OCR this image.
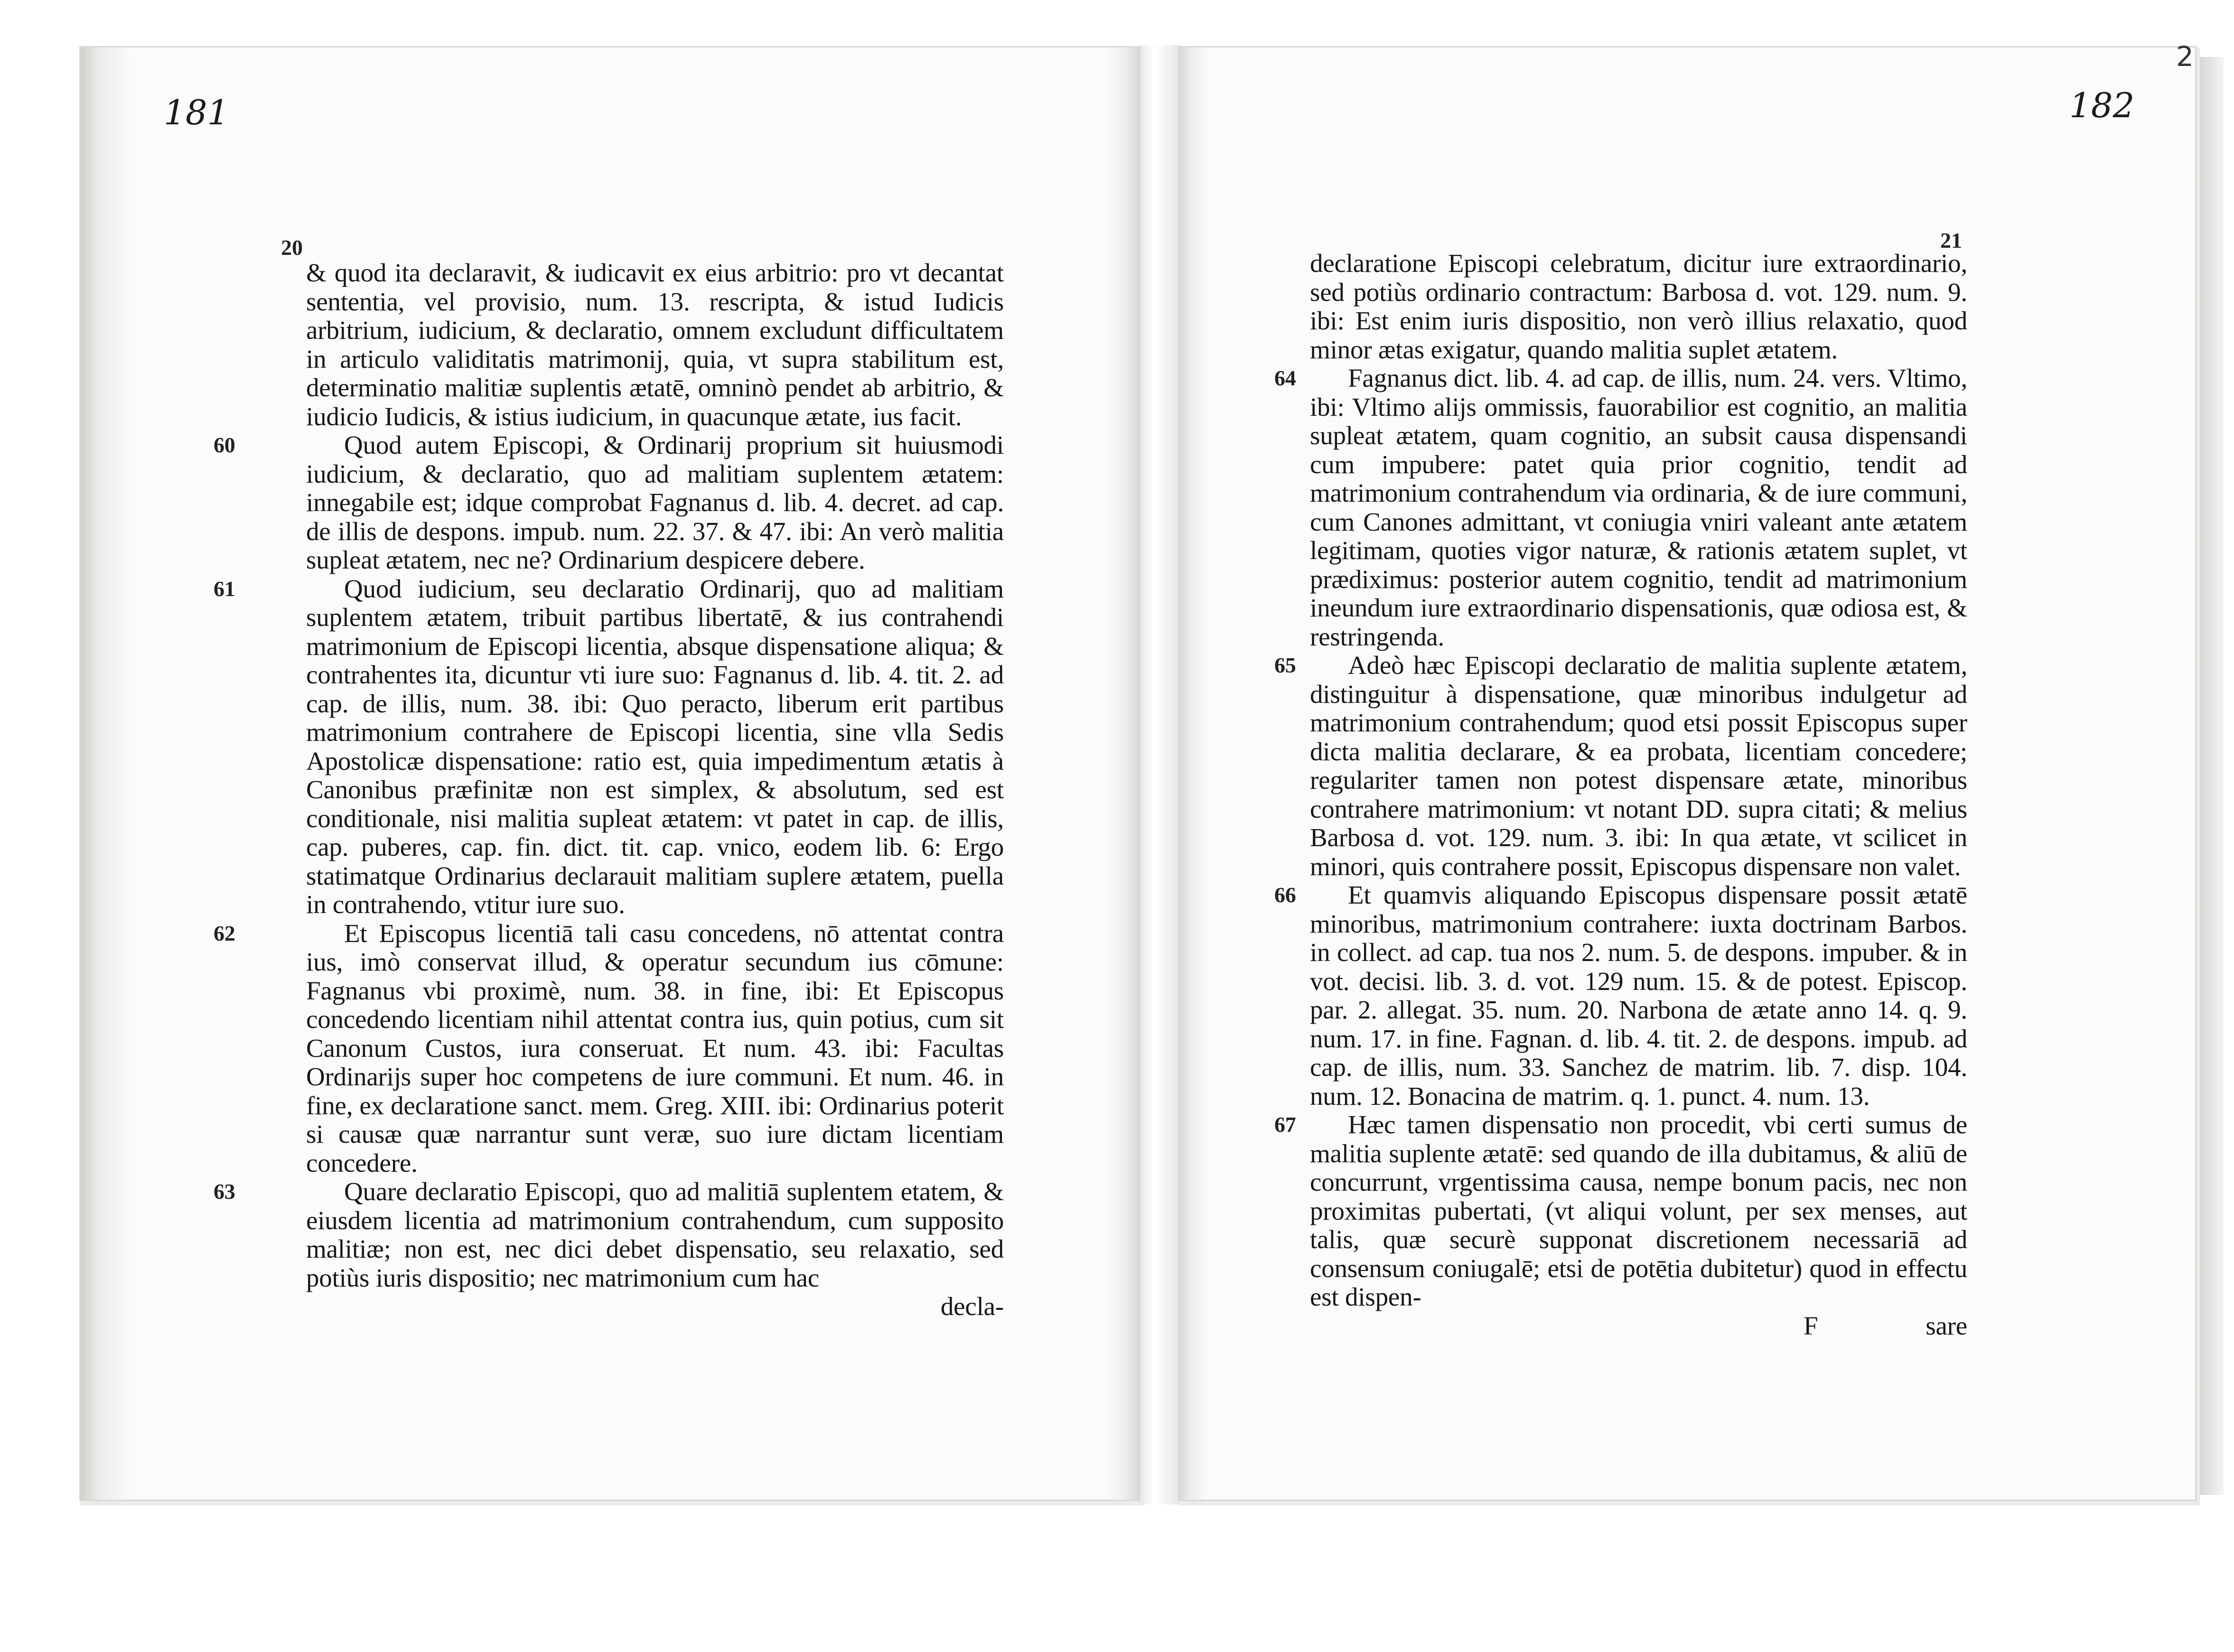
181
20

& quod ita declaravit, & iudicavit ex eius arbitrio: pro vt decantat sententia, vel provisio, num. 13. rescripta, & istud Iudicis arbitrium, iudicium, & declaratio, omnem excludunt difficultatem in articulo validitatis matrimonij, quia, vt supra stabilitum est, determinatio malitiæ suplentis ætatē, omninò pendet ab arbitrio, & iudicio Iudicis, & istius iudicium, in quacunque ætate, ius facit.

60	Quod autem Episcopi, & Ordinarij proprium sit huiusmodi iudicium, & declaratio, quo ad malitiam suplentem ætatem: innegabile est; idque comprobat Fagnanus d. lib. 4. decret. ad cap. de illis de despons. impub. num. 22. 37. & 47. ibi: An verò malitia supleat ætatem, nec ne? Ordinarium despicere debere.

61	Quod iudicium, seu declaratio Ordinarij, quo ad malitiam suplentem ætatem, tribuit partibus libertatē, & ius contrahendi matrimonium de Episcopi licentia, absque dispensatione aliqua; & contrahentes ita, dicuntur vti iure suo: Fagnanus d. lib. 4. tit. 2. ad cap. de illis, num. 38. ibi: Quo peracto, liberum erit partibus matrimonium contrahere de Episcopi licentia, sine vlla Sedis Apostolicæ dispensatione: ratio est, quia impedimentum ætatis à Canonibus præfinitæ non est simplex, & absolutum, sed est conditionale, nisi malitia supleat ætatem: vt patet in cap. de illis, cap. puberes, cap. fin. dict. tit. cap. vnico, eodem lib. 6: Ergo statimatque Ordinarius declarauit malitiam suplere ætatem, puella in contrahendo, vtitur iure suo.

62	Et Episcopus licentiā tali casu concedens, nō attentat contra ius, imò conservat illud, & operatur secundum ius cōmune: Fagnanus vbi proximè, num. 38. in fine, ibi: Et Episcopus concedendo licentiam nihil attentat contra ius, quin potius, cum sit Canonum Custos, iura conseruat. Et num. 43. ibi: Facultas Ordinarijs super hoc competens de iure communi. Et num. 46. in fine, ex declaratione sanct. mem. Greg. XIII. ibi: Ordinarius poterit si causæ quæ narrantur sunt veræ, suo iure dictam licentiam concedere.

63	Quare declaratio Episcopi, quo ad malitiā suplentem etatem, & eiusdem licentia ad matrimonium contrahendum, cum supposito malitiæ; non est, nec dici debet dispensatio, seu relaxatio, sed potiùs iuris dispositio; nec matrimonium cum hac

decla-

182
2
21

declaratione Episcopi celebratum, dicitur iure extraordinario, sed potiùs ordinario contractum: Barbosa d. vot. 129. num. 9. ibi: Est enim iuris dispositio, non verò illius relaxatio, quod minor ætas exigatur, quando malitia suplet ætatem.

64 Fagnanus dict. lib. 4. ad cap. de illis, num. 24. vers. Vltimo, ibi: Vltimo alijs ommissis, fauorabilior est cognitio, an malitia supleat ætatem, quam cognitio, an subsit causa dispensandi cum impubere: patet quia prior cognitio, tendit ad matrimonium contrahendum via ordinaria, & de iure communi, cum Canones admittant, vt coniugia vniri valeant ante ætatem legitimam, quoties vigor naturæ, & rationis ætatem suplet, vt prædiximus: posterior autem cognitio, tendit ad matrimonium ineundum iure extraordinario dispensationis, quæ odiosa est, & restringenda.

65 Adeò hæc Episcopi declaratio de malitia suplente ætatem, distinguitur à dispensatione, quæ minoribus indulgetur ad matrimonium contrahendum; quod etsi possit Episcopus super dicta malitia declarare, & ea probata, licentiam concedere; regulariter tamen non potest dispensare ætate, minoribus contrahere matrimonium: vt notant DD. supra citati; & melius Barbosa d. vot. 129. num. 3. ibi: In qua ætate, vt scilicet in minori, quis contrahere possit, Episcopus dispensare non valet.

66 Et quamvis aliquando Episcopus dispensare possit ætatē minoribus, matrimonium contrahere: iuxta doctrinam Barbos. in collect. ad cap. tua nos 2. num. 5. de despons. impuber. & in vot. decisi. lib. 3. d. vot. 129 num. 15. & de potest. Episcop. par. 2. allegat. 35. num. 20. Narbona de ætate anno 14. q. 9. num. 17. in fine. Fagnan. d. lib. 4. tit. 2. de despons. impub. ad cap. de illis, num. 33. Sanchez de matrim. lib. 7. disp. 104. num. 12. Bonacina de matrim. q. 1. punct. 4. num. 13.

67 Hæc tamen dispensatio non procedit, vbi certi sumus de malitia suplente ætatē: sed quando de illa dubitamus, & aliū de concurrunt, vrgentissima causa, nempe bonum pacis, nec non proximitas pubertati, (vt aliqui volunt, per sex menses, aut talis, quæ securè supponat discretionem necessariā ad consensum coniugalē; etsi de potētia dubitetur) quod in effectu est dispen-

F	sare
